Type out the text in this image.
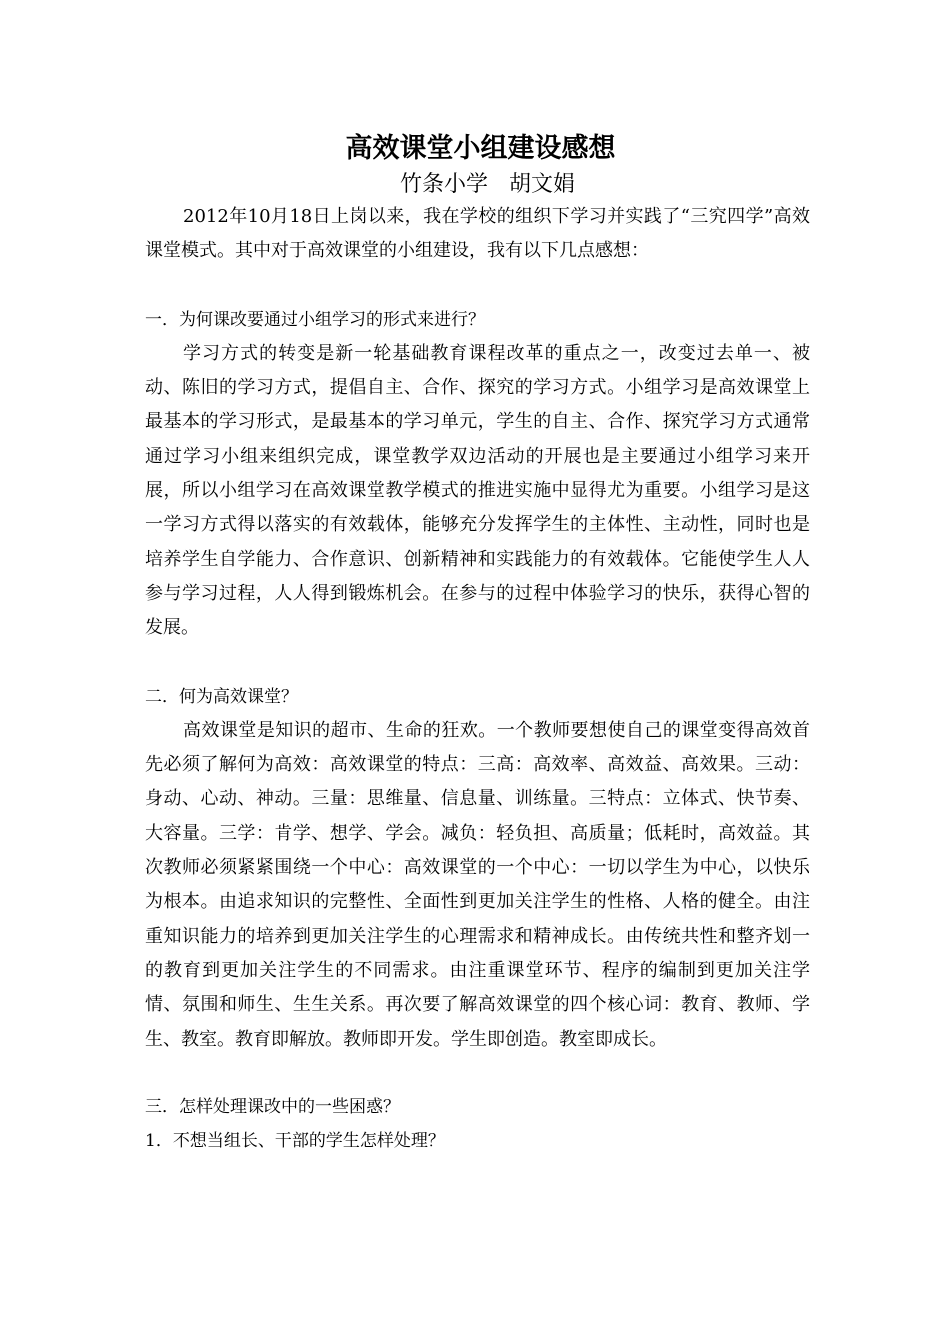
高效课堂小组建设感想
竹条小学   胡文娟

2012年10月18日上岗以来，我在学校的组织下学习并实践了“三究四学”高效课堂模式。其中对于高效课堂的小组建设，我有以下几点感想：

一．为何课改要通过小组学习的形式来进行？

学习方式的转变是新一轮基础教育课程改革的重点之一，改变过去单一、被动、陈旧的学习方式，提倡自主、合作、探究的学习方式。小组学习是高效课堂上最基本的学习形式，是最基本的学习单元，学生的自主、合作、探究学习方式通常通过学习小组来组织完成，课堂教学双边活动的开展也是主要通过小组学习来开展，所以小组学习在高效课堂教学模式的推进实施中显得尤为重要。小组学习是这一学习方式得以落实的有效载体，能够充分发挥学生的主体性、主动性，同时也是培养学生自学能力、合作意识、创新精神和实践能力的有效载体。它能使学生人人参与学习过程，人人得到锻炼机会。在参与的过程中体验学习的快乐，获得心智的发展。

二．何为高效课堂？

高效课堂是知识的超市、生命的狂欢。一个教师要想使自己的课堂变得高效首先必须了解何为高效：高效课堂的特点：三高：高效率、高效益、高效果。三动：身动、心动、神动。三量：思维量、信息量、训练量。三特点：立体式、快节奏、大容量。三学：肯学、想学、学会。减负：轻负担、高质量；低耗时，高效益。其次教师必须紧紧围绕一个中心：高效课堂的一个中心：一切以学生为中心，以快乐为根本。由追求知识的完整性、全面性到更加关注学生的性格、人格的健全。由注重知识能力的培养到更加关注学生的心理需求和精神成长。由传统共性和整齐划一的教育到更加关注学生的不同需求。由注重课堂环节、程序的编制到更加关注学情、氛围和师生、生生关系。再次要了解高效课堂的四个核心词：教育、教师、学生、教室。教育即解放。教师即开发。学生即创造。教室即成长。

三．怎样处理课改中的一些困惑？
1．不想当组长、干部的学生怎样处理？
